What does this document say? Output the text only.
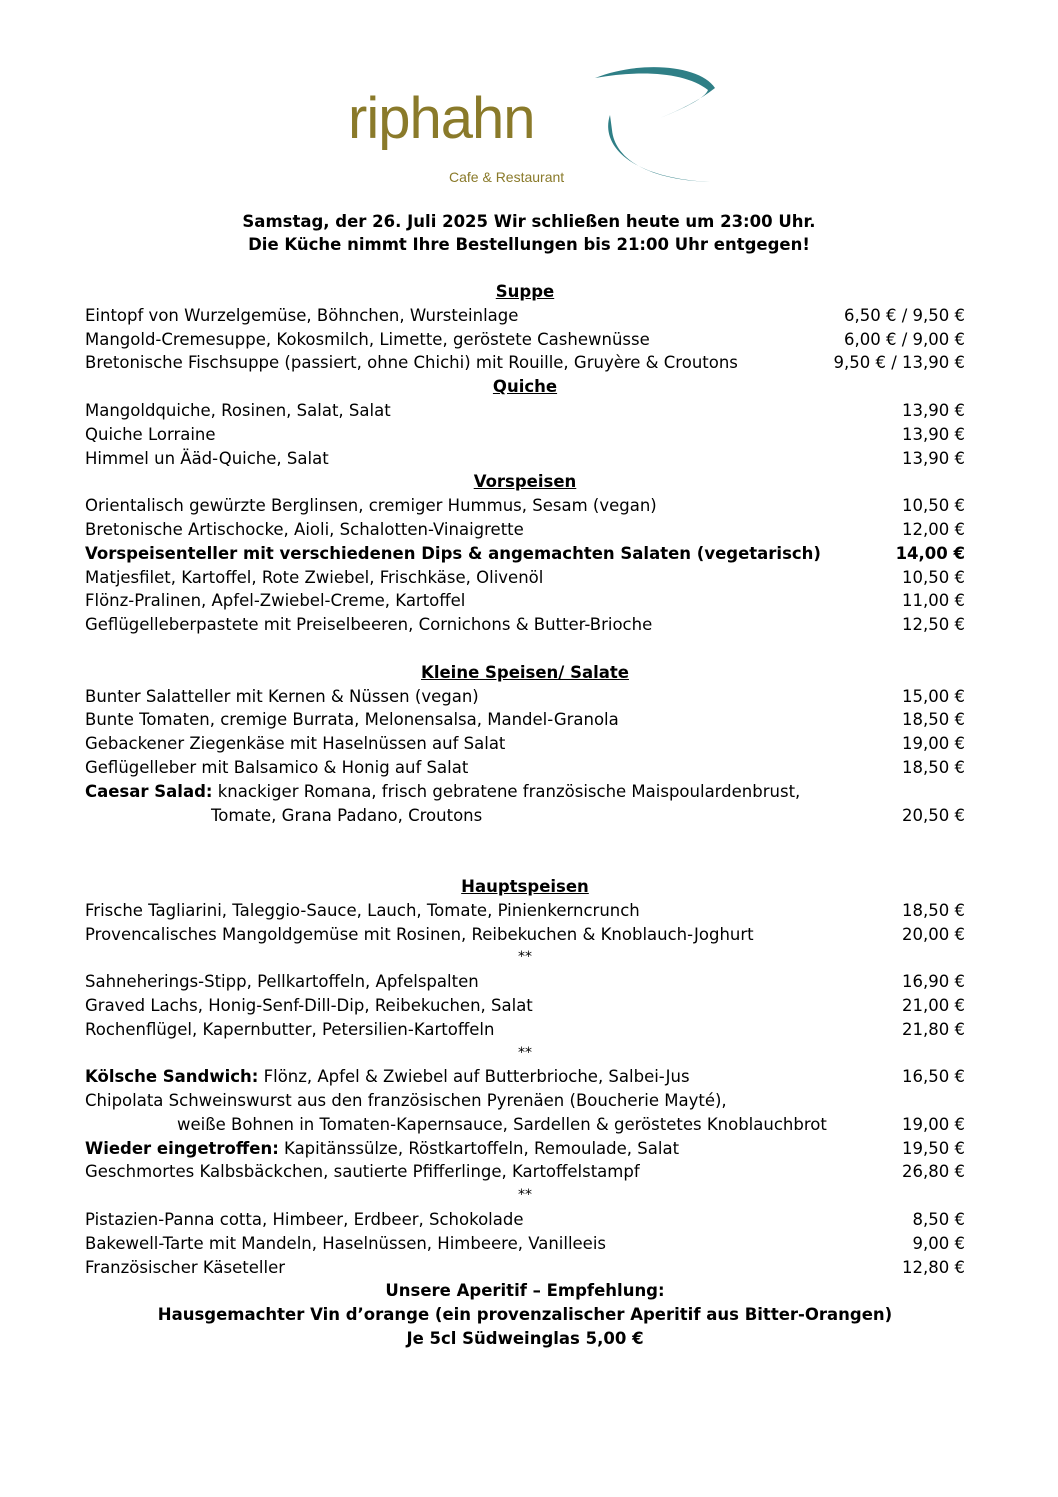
riphahn
Cafe & Restaurant
Samstag, der 26. Juli 2025 Wir schließen heute um 23:00 Uhr.
Die Küche nimmt Ihre Bestellungen bis 21:00 Uhr entgegen!
Suppe
Eintopf von Wurzelgemüse, Böhnchen, Wursteinlage	6,50 € / 9,50 €
Mangold-Cremesuppe, Kokosmilch, Limette, geröstete Cashewnüsse	6,00 € / 9,00 €
Bretonische Fischsuppe (passiert, ohne Chichi) mit Rouille, Gruyère & Croutons	9,50 € / 13,90 €
Quiche
Mangoldquiche, Rosinen, Salat, Salat	13,90 €
Quiche Lorraine	13,90 €
Himmel un Ääd-Quiche, Salat	13,90 €
Vorspeisen
Orientalisch gewürzte Berglinsen, cremiger Hummus, Sesam (vegan)	10,50 €
Bretonische Artischocke, Aioli, Schalotten-Vinaigrette	12,00 €
Vorspeisenteller mit verschiedenen Dips & angemachten Salaten (vegetarisch)	14,00 €
Matjesfilet, Kartoffel, Rote Zwiebel, Frischkäse, Olivenöl	10,50 €
Flönz-Pralinen, Apfel-Zwiebel-Creme, Kartoffel	11,00 €
Geflügelleberpastete mit Preiselbeeren, Cornichons & Butter-Brioche	12,50 €
Kleine Speisen/ Salate
Bunter Salatteller mit Kernen & Nüssen (vegan)	15,00 €
Bunte Tomaten, cremige Burrata, Melonensalsa, Mandel-Granola	18,50 €
Gebackener Ziegenkäse mit Haselnüssen auf Salat	19,00 €
Geflügelleber mit Balsamico & Honig auf Salat	18,50 €
Caesar Salad: knackiger Romana, frisch gebratene französische Maispoulardenbrust,
Tomate, Grana Padano, Croutons	20,50 €
Hauptspeisen
Frische Tagliarini, Taleggio-Sauce, Lauch, Tomate, Pinienkerncrunch	18,50 €
Provencalisches Mangoldgemüse mit Rosinen, Reibekuchen & Knoblauch-Joghurt	20,00 €
**
Sahneherings-Stipp, Pellkartoffeln, Apfelspalten	16,90 €
Graved Lachs, Honig-Senf-Dill-Dip, Reibekuchen, Salat	21,00 €
Rochenflügel, Kapernbutter, Petersilien-Kartoffeln	21,80 €
**
Kölsche Sandwich: Flönz, Apfel & Zwiebel auf Butterbrioche, Salbei-Jus	16,50 €
Chipolata Schweinswurst aus den französischen Pyrenäen (Boucherie Mayté),
weiße Bohnen in Tomaten-Kapernsauce, Sardellen & geröstetes Knoblauchbrot	19,00 €
Wieder eingetroffen: Kapitänssülze, Röstkartoffeln, Remoulade, Salat	19,50 €
Geschmortes Kalbsbäckchen, sautierte Pfifferlinge, Kartoffelstampf	26,80 €
**
Pistazien-Panna cotta, Himbeer, Erdbeer, Schokolade	8,50 €
Bakewell-Tarte mit Mandeln, Haselnüssen, Himbeere, Vanilleeis	9,00 €
Französischer Käseteller	12,80 €
Unsere Aperitif – Empfehlung:
Hausgemachter Vin d’orange (ein provenzalischer Aperitif aus Bitter-Orangen)
Je 5cl Südweinglas 5,00 €
